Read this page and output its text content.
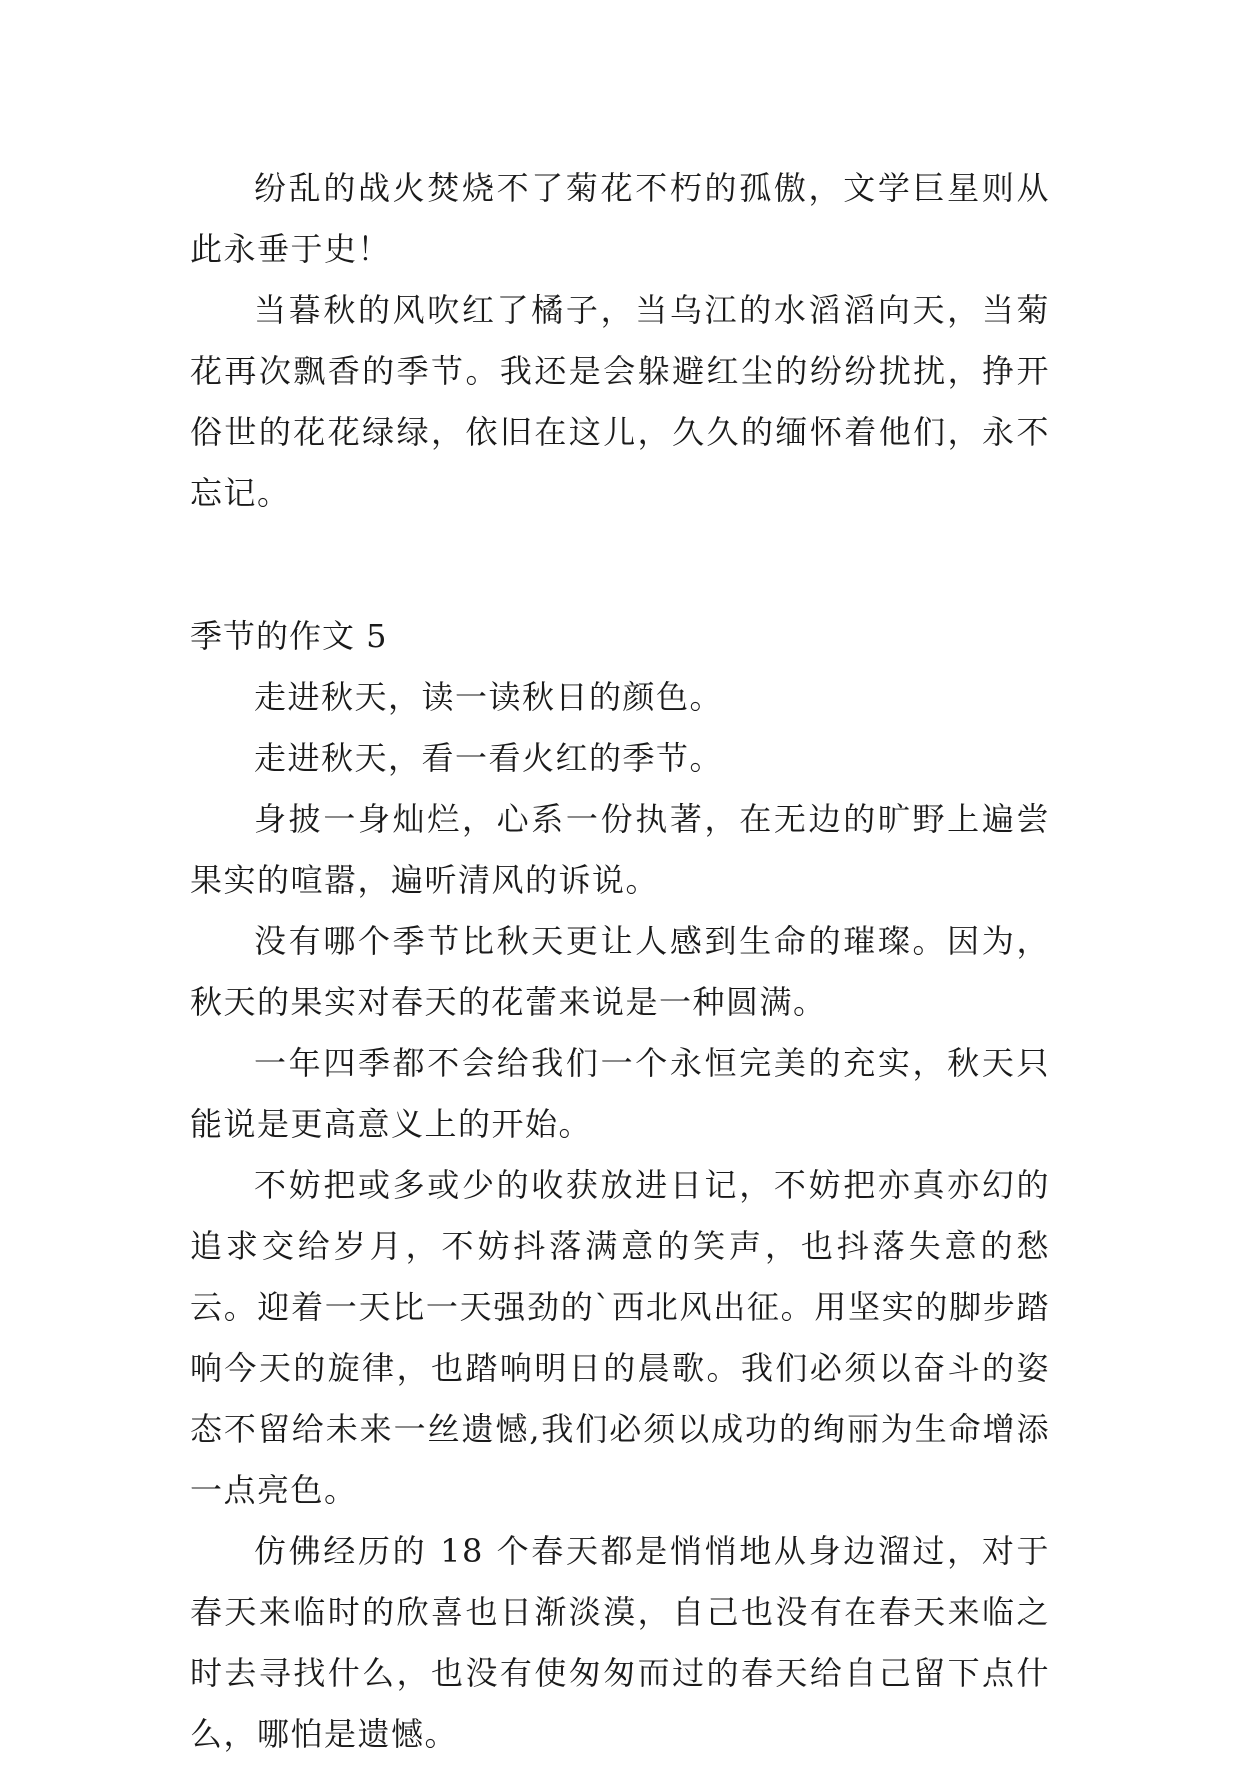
纷乱的战火焚烧不了菊花不朽的孤傲，文学巨星则从此永垂于史！

当暮秋的风吹红了橘子，当乌江的水滔滔向天，当菊花再次飘香的季节。我还是会躲避红尘的纷纷扰扰，挣开俗世的花花绿绿，依旧在这儿，久久的缅怀着他们，永不忘记。

季节的作文 5

走进秋天，读一读秋日的颜色。

走进秋天，看一看火红的季节。

身披一身灿烂，心系一份执著，在无边的旷野上遍尝果实的喧嚣，遍听清风的诉说。

没有哪个季节比秋天更让人感到生命的璀璨。因为，秋天的果实对春天的花蕾来说是一种圆满。

一年四季都不会给我们一个永恒完美的充实，秋天只能说是更高意义上的开始。

不妨把或多或少的收获放进日记，不妨把亦真亦幻的追求交给岁月，不妨抖落满意的笑声，也抖落失意的愁云。迎着一天比一天强劲的`西北风出征。用坚实的脚步踏响今天的旋律，也踏响明日的晨歌。我们必须以奋斗的姿态不留给未来一丝遗憾,我们必须以成功的绚丽为生命增添一点亮色。

仿佛经历的 18 个春天都是悄悄地从身边溜过，对于春天来临时的欣喜也日渐淡漠，自己也没有在春天来临之时去寻找什么，也没有使匆匆而过的春天给自己留下点什么，哪怕是遗憾。
